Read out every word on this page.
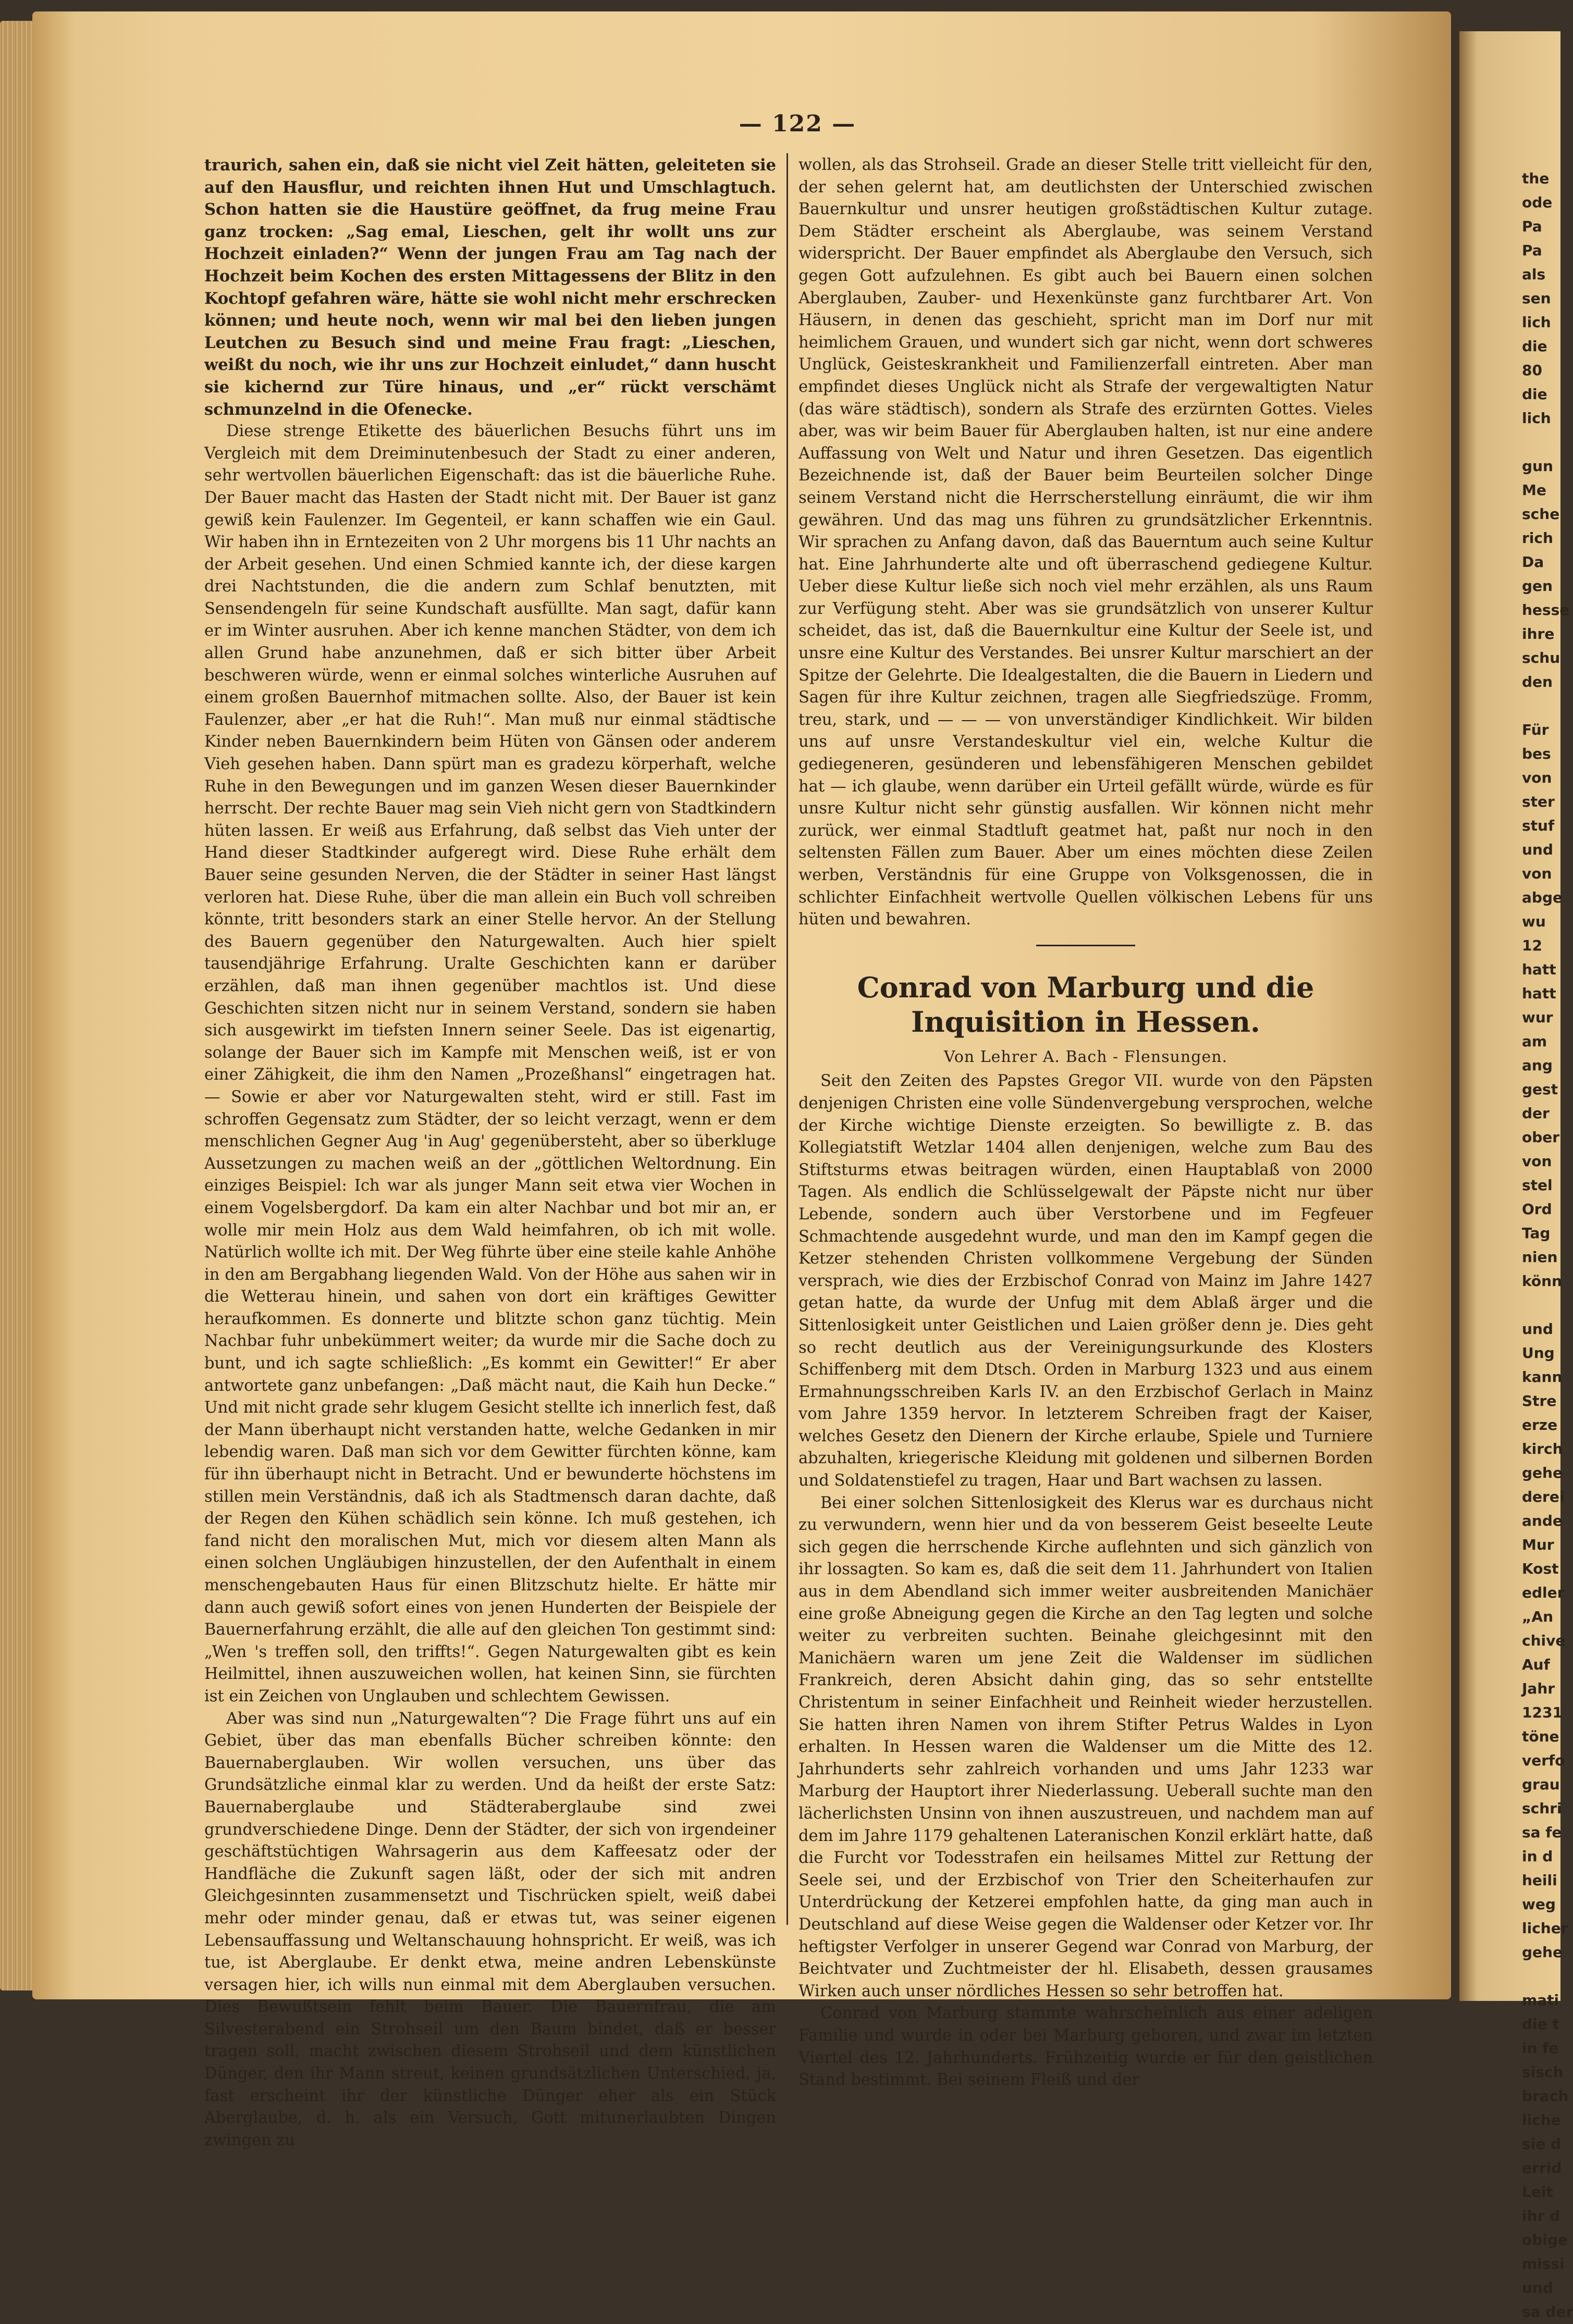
the
ode
Pa
Pa
als
sen
lich
die
80
die
lich

gun
Me
sche
rich
Da
gen
hesse
ihre
schu
den

Für
bes
von
ster
stuf
und
von
abge
wu
12
hatt
hatt
wur
am
ang
gest
der
ober
von
stel
Ord
Tag
nien
könn

und
Ung
kann
Stre
erze
kirch
gehe
derei
ande
Mur
Kost
edler
„An
chive
Auf
Jahr
1231
töne
verfo
grau
schri
sa fe
in d
heili
weg
licher
gehe

mati
die t
in fe
sisch
brach
liche
sie d
errid
Leit
ihr d
obige
missi
und
sa der
— 122 —

traurich, sahen ein, daß sie nicht viel Zeit hätten, geleiteten sie auf den Hausflur, und reichten ihnen Hut und Umschlagtuch. Schon hatten sie die Haustüre geöffnet, da frug meine Frau ganz trocken: „Sag emal, Lieschen, gelt ihr wollt uns zur Hochzeit einladen?“ Wenn der jungen Frau am Tag nach der Hochzeit beim Kochen des ersten Mittagessens der Blitz in den Kochtopf gefahren wäre, hätte sie wohl nicht mehr erschrecken können; und heute noch, wenn wir mal bei den lieben jungen Leutchen zu Besuch sind und meine Frau fragt: „Lieschen, weißt du noch, wie ihr uns zur Hochzeit einludet,“ dann huscht sie kichernd zur Türe hinaus, und „er“ rückt verschämt schmunzelnd in die Ofenecke.

Diese strenge Etikette des bäuerlichen Besuchs führt uns im Vergleich mit dem Dreiminutenbesuch der Stadt zu einer anderen, sehr wertvollen bäuerlichen Eigenschaft: das ist die bäuerliche Ruhe. Der Bauer macht das Hasten der Stadt nicht mit. Der Bauer ist ganz gewiß kein Faulenzer. Im Gegenteil, er kann schaffen wie ein Gaul. Wir haben ihn in Erntezeiten von 2 Uhr morgens bis 11 Uhr nachts an der Arbeit gesehen. Und einen Schmied kannte ich, der diese kargen drei Nachtstunden, die die andern zum Schlaf benutzten, mit Sensendengeln für seine Kundschaft ausfüllte. Man sagt, dafür kann er im Winter ausruhen. Aber ich kenne manchen Städter, von dem ich allen Grund habe anzunehmen, daß er sich bitter über Arbeit beschweren würde, wenn er einmal solches winterliche Ausruhen auf einem großen Bauernhof mitmachen sollte. Also, der Bauer ist kein Faulenzer, aber „er hat die Ruh!“. Man muß nur einmal städtische Kinder neben Bauernkindern beim Hüten von Gänsen oder anderem Vieh gesehen haben. Dann spürt man es gradezu körperhaft, welche Ruhe in den Bewegungen und im ganzen Wesen dieser Bauernkinder herrscht. Der rechte Bauer mag sein Vieh nicht gern von Stadtkindern hüten lassen. Er weiß aus Erfahrung, daß selbst das Vieh unter der Hand dieser Stadtkinder aufgeregt wird. Diese Ruhe erhält dem Bauer seine gesunden Nerven, die der Städter in seiner Hast längst verloren hat. Diese Ruhe, über die man allein ein Buch voll schreiben könnte, tritt besonders stark an einer Stelle hervor. An der Stellung des Bauern gegenüber den Naturgewalten. Auch hier spielt tausendjährige Erfahrung. Uralte Geschichten kann er darüber erzählen, daß man ihnen gegenüber machtlos ist. Und diese Geschichten sitzen nicht nur in seinem Verstand, sondern sie haben sich ausgewirkt im tiefsten Innern seiner Seele. Das ist eigenartig, solange der Bauer sich im Kampfe mit Menschen weiß, ist er von einer Zähigkeit, die ihm den Namen „Prozeßhansl“ eingetragen hat. — Sowie er aber vor Naturgewalten steht, wird er still. Fast im schroffen Gegensatz zum Städter, der so leicht verzagt, wenn er dem menschlichen Gegner Aug 'in Aug' gegenübersteht, aber so überkluge Aussetzungen zu machen weiß an der „göttlichen Weltordnung. Ein einziges Beispiel: Ich war als junger Mann seit etwa vier Wochen in einem Vogelsbergdorf. Da kam ein alter Nachbar und bot mir an, er wolle mir mein Holz aus dem Wald heimfahren, ob ich mit wolle. Natürlich wollte ich mit. Der Weg führte über eine steile kahle Anhöhe in den am Bergabhang liegenden Wald. Von der Höhe aus sahen wir in die Wetterau hinein, und sahen von dort ein kräftiges Gewitter heraufkommen. Es donnerte und blitzte schon ganz tüchtig. Mein Nachbar fuhr unbekümmert weiter; da wurde mir die Sache doch zu bunt, und ich sagte schließlich: „Es kommt ein Gewitter!“ Er aber antwortete ganz unbefangen: „Daß mächt naut, die Kaih hun Decke.“ Und mit nicht grade sehr klugem Gesicht stellte ich innerlich fest, daß der Mann überhaupt nicht verstanden hatte, welche Gedanken in mir lebendig waren. Daß man sich vor dem Gewitter fürchten könne, kam für ihn überhaupt nicht in Betracht. Und er bewunderte höchstens im stillen mein Verständnis, daß ich als Stadtmensch daran dachte, daß der Regen den Kühen schädlich sein könne. Ich muß gestehen, ich fand nicht den moralischen Mut, mich vor diesem alten Mann als einen solchen Ungläubigen hinzustellen, der den Aufenthalt in einem menschengebauten Haus für einen Blitzschutz hielte. Er hätte mir dann auch gewiß sofort eines von jenen Hunderten der Beispiele der Bauernerfahrung erzählt, die alle auf den gleichen Ton gestimmt sind: „Wen 's treffen soll, den triffts!“. Gegen Naturgewalten gibt es kein Heilmittel, ihnen auszuweichen wollen, hat keinen Sinn, sie fürchten ist ein Zeichen von Unglauben und schlechtem Gewissen.

Aber was sind nun „Naturgewalten“? Die Frage führt uns auf ein Gebiet, über das man ebenfalls Bücher schreiben könnte: den Bauernaberglauben. Wir wollen versuchen, uns über das Grundsätzliche einmal klar zu werden. Und da heißt der erste Satz: Bauernaberglaube und Städteraberglaube sind zwei grundverschiedene Dinge. Denn der Städter, der sich von irgendeiner geschäftstüchtigen Wahrsagerin aus dem Kaffeesatz oder der Handfläche die Zukunft sagen läßt, oder der sich mit andren Gleichgesinnten zusammensetzt und Tischrücken spielt, weiß dabei mehr oder minder genau, daß er etwas tut, was seiner eigenen Lebensauffassung und Weltanschauung hohnspricht. Er weiß, was ich tue, ist Aberglaube. Er denkt etwa, meine andren Lebenskünste versagen hier, ich wills nun einmal mit dem Aberglauben versuchen. Dies Bewußtsein fehlt beim Bauer. Die Bauernfrau, die am Silvesterabend ein Strohseil um den Baum bindet, daß er besser tragen soll, macht zwischen diesem Strohseil und dem künstlichen Dünger, den ihr Mann streut, keinen grundsätzlichen Unterschied, ja, fast erscheint ihr der künstliche Dünger eher als ein Stück Aberglaube, d. h. als ein Versuch, Gott mitunerlaubten Dingen zwingen zu

wollen, als das Strohseil. Grade an dieser Stelle tritt vielleicht für den, der sehen gelernt hat, am deutlichsten der Unterschied zwischen Bauernkultur und unsrer heutigen großstädtischen Kultur zutage. Dem Städter erscheint als Aberglaube, was seinem Verstand widerspricht. Der Bauer empfindet als Aberglaube den Versuch, sich gegen Gott aufzulehnen. Es gibt auch bei Bauern einen solchen Aberglauben, Zauber- und Hexenkünste ganz furchtbarer Art. Von Häusern, in denen das geschieht, spricht man im Dorf nur mit heimlichem Grauen, und wundert sich gar nicht, wenn dort schweres Unglück, Geisteskrankheit und Familienzerfall eintreten. Aber man empfindet dieses Unglück nicht als Strafe der vergewaltigten Natur (das wäre städtisch), sondern als Strafe des erzürnten Gottes. Vieles aber, was wir beim Bauer für Aberglauben halten, ist nur eine andere Auffassung von Welt und Natur und ihren Gesetzen. Das eigentlich Bezeichnende ist, daß der Bauer beim Beurteilen solcher Dinge seinem Verstand nicht die Herrscherstellung einräumt, die wir ihm gewähren. Und das mag uns führen zu grundsätzlicher Erkenntnis. Wir sprachen zu Anfang davon, daß das Bauerntum auch seine Kultur hat. Eine Jahrhunderte alte und oft überraschend gediegene Kultur. Ueber diese Kultur ließe sich noch viel mehr erzählen, als uns Raum zur Verfügung steht. Aber was sie grundsätzlich von unserer Kultur scheidet, das ist, daß die Bauernkultur eine Kultur der Seele ist, und unsre eine Kultur des Verstandes. Bei unsrer Kultur marschiert an der Spitze der Gelehrte. Die Idealgestalten, die die Bauern in Liedern und Sagen für ihre Kultur zeichnen, tragen alle Siegfriedszüge. Fromm, treu, stark, und — — — von unverständiger Kindlichkeit. Wir bilden uns auf unsre Verstandeskultur viel ein, welche Kultur die gediegeneren, gesünderen und lebensfähigeren Menschen gebildet hat — ich glaube, wenn darüber ein Urteil gefällt würde, würde es für unsre Kultur nicht sehr günstig ausfallen. Wir können nicht mehr zurück, wer einmal Stadtluft geatmet hat, paßt nur noch in den seltensten Fällen zum Bauer. Aber um eines möchten diese Zeilen werben, Verständnis für eine Gruppe von Volksgenossen, die in schlichter Einfachheit wertvolle Quellen völkischen Lebens für uns hüten und bewahren.

Conrad von Marburg und die Inquisition in Hessen.
Von Lehrer A. Bach - Flensungen.

Seit den Zeiten des Papstes Gregor VII. wurde von den Päpsten denjenigen Christen eine volle Sündenvergebung versprochen, welche der Kirche wichtige Dienste erzeigten. So bewilligte z. B. das Kollegiatstift Wetzlar 1404 allen denjenigen, welche zum Bau des Stiftsturms etwas beitragen würden, einen Hauptablaß von 2000 Tagen. Als endlich die Schlüsselgewalt der Päpste nicht nur über Lebende, sondern auch über Verstorbene und im Fegfeuer Schmachtende ausgedehnt wurde, und man den im Kampf gegen die Ketzer stehenden Christen vollkommene Vergebung der Sünden versprach, wie dies der Erzbischof Conrad von Mainz im Jahre 1427 getan hatte, da wurde der Unfug mit dem Ablaß ärger und die Sittenlosigkeit unter Geistlichen und Laien größer denn je. Dies geht so recht deutlich aus der Vereinigungsurkunde des Klosters Schiffenberg mit dem Dtsch. Orden in Marburg 1323 und aus einem Ermahnungsschreiben Karls IV. an den Erzbischof Gerlach in Mainz vom Jahre 1359 hervor. In letzterem Schreiben fragt der Kaiser, welches Gesetz den Dienern der Kirche erlaube, Spiele und Turniere abzuhalten, kriegerische Kleidung mit goldenen und silbernen Borden und Soldatenstiefel zu tragen, Haar und Bart wachsen zu lassen.

Bei einer solchen Sittenlosigkeit des Klerus war es durchaus nicht zu verwundern, wenn hier und da von besserem Geist beseelte Leute sich gegen die herrschende Kirche auflehnten und sich gänzlich von ihr lossagten. So kam es, daß die seit dem 11. Jahrhundert von Italien aus in dem Abendland sich immer weiter ausbreitenden Manichäer eine große Abneigung gegen die Kirche an den Tag legten und solche weiter zu verbreiten suchten. Beinahe gleichgesinnt mit den Manichäern waren um jene Zeit die Waldenser im südlichen Frankreich, deren Absicht dahin ging, das so sehr entstellte Christentum in seiner Einfachheit und Reinheit wieder herzustellen. Sie hatten ihren Namen von ihrem Stifter Petrus Waldes in Lyon erhalten. In Hessen waren die Waldenser um die Mitte des 12. Jahrhunderts sehr zahlreich vorhanden und ums Jahr 1233 war Marburg der Hauptort ihrer Niederlassung. Ueberall suchte man den lächerlichsten Unsinn von ihnen auszustreuen, und nachdem man auf dem im Jahre 1179 gehaltenen Lateranischen Konzil erklärt hatte, daß die Furcht vor Todesstrafen ein heilsames Mittel zur Rettung der Seele sei, und der Erzbischof von Trier den Scheiterhaufen zur Unterdrückung der Ketzerei empfohlen hatte, da ging man auch in Deutschland auf diese Weise gegen die Waldenser oder Ketzer vor. Ihr heftigster Verfolger in unserer Gegend war Conrad von Marburg, der Beichtvater und Zuchtmeister der hl. Elisabeth, dessen grausames Wirken auch unser nördliches Hessen so sehr betroffen hat.

Conrad von Marburg stammte wahrscheinlich aus einer adeligen Familie und wurde in oder bei Marburg geboren, und zwar im letzten Viertel des 12. Jahrhunderts. Frühzeitig wurde er für den geistlichen Stand bestimmt. Bei seinem Fleiß und der
